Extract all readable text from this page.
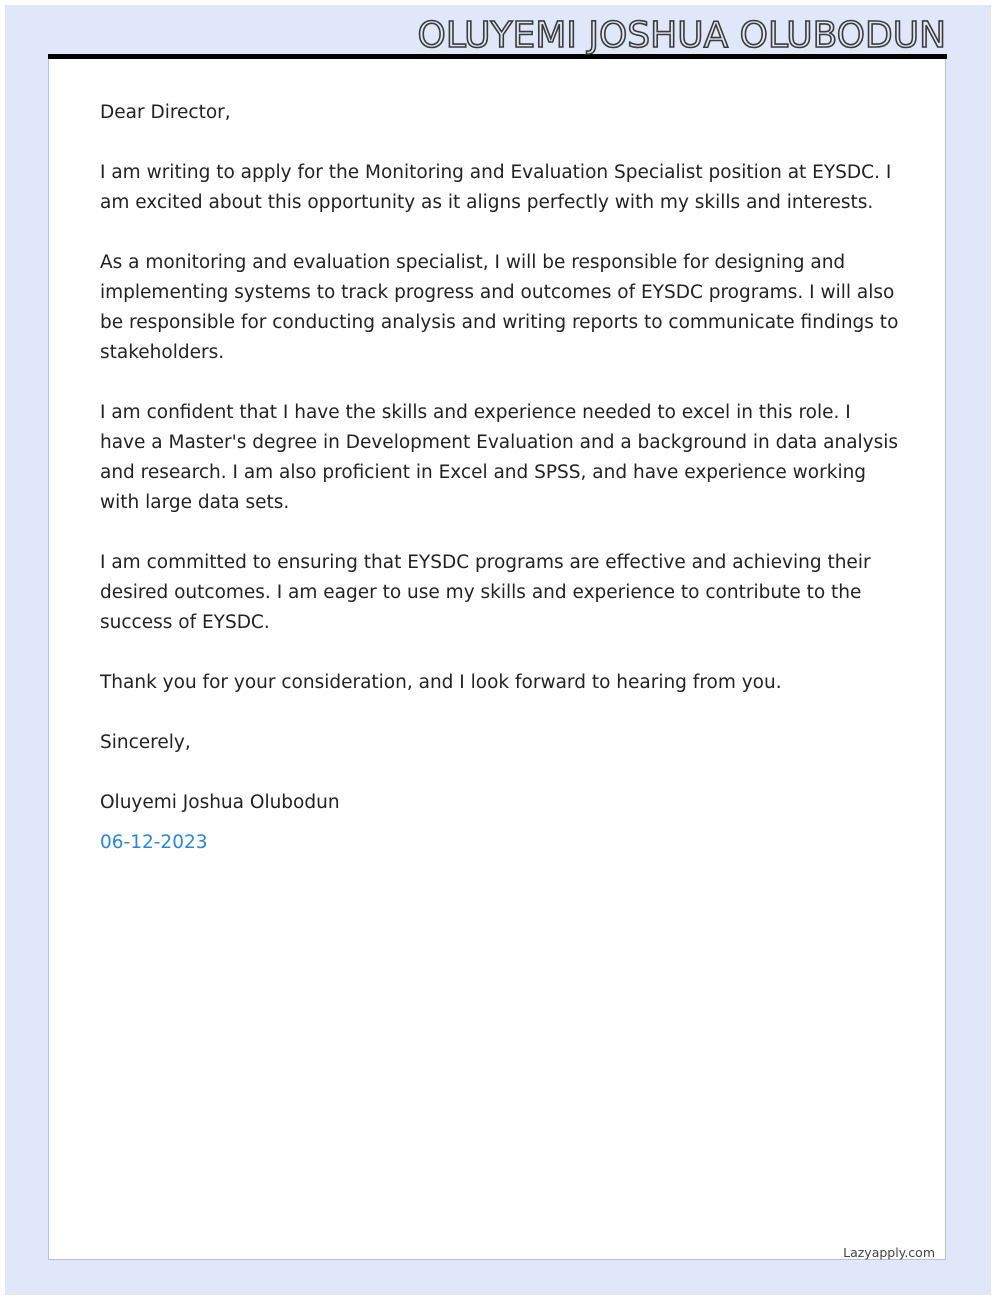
OLUYEMI JOSHUA OLUBODUN

Dear Director,

I am writing to apply for the Monitoring and Evaluation Specialist position at EYSDC. I am excited about this opportunity as it aligns perfectly with my skills and interests.

As a monitoring and evaluation specialist, I will be responsible for designing and implementing systems to track progress and outcomes of EYSDC programs. I will also be responsible for conducting analysis and writing reports to communicate findings to stakeholders.

I am confident that I have the skills and experience needed to excel in this role. I have a Master's degree in Development Evaluation and a background in data analysis and research. I am also proficient in Excel and SPSS, and have experience working with large data sets.

I am committed to ensuring that EYSDC programs are effective and achieving their desired outcomes. I am eager to use my skills and experience to contribute to the success of EYSDC.

Thank you for your consideration, and I look forward to hearing from you.

Sincerely,

Oluyemi Joshua Olubodun

06-12-2023

Lazyapply.com
